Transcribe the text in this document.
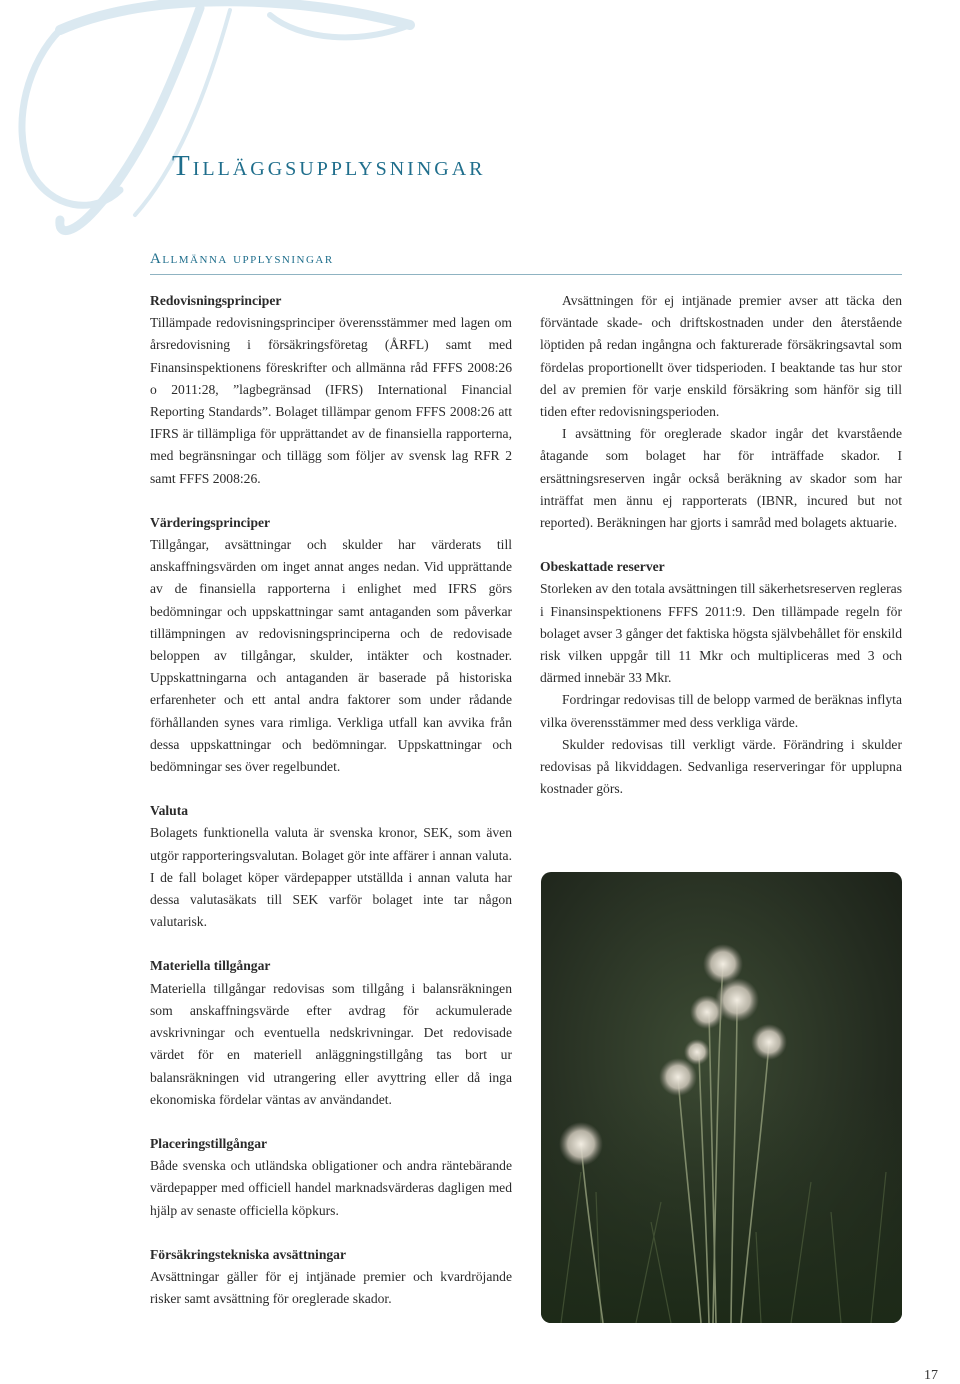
Tilläggsupplysningar
Allmänna upplysningar
Redovisningsprinciper

Tillämpade redovisningsprinciper överensstämmer med lagen om årsredovisning i försäkringsföretag (ÅRFL) samt med Finansinspektionens föreskrifter och allmänna råd FFFS 2008:26 o 2011:28, ”lagbegränsad (IFRS) International Financial Reporting Standards”. Bolaget tillämpar genom FFFS 2008:26 att IFRS är tillämpliga för upprättandet av de finansiella rapporterna, med begränsningar och tillägg som följer av svensk lag RFR 2 samt FFFS 2008:26.

Värderingsprinciper

Tillgångar, avsättningar och skulder har värderats till anskaffningsvärden om inget annat anges nedan. Vid upprättande av de finansiella rapporterna i enlighet med IFRS görs bedömningar och uppskattningar samt antaganden som påverkar tillämpningen av redovisningsprinciperna och de redovisade beloppen av tillgångar, skulder, intäkter och kostnader. Uppskattningarna och antaganden är baserade på historiska erfarenheter och ett antal andra faktorer som under rådande förhållanden synes vara rimliga. Verkliga utfall kan avvika från dessa uppskattningar och bedömningar. Uppskattningar och bedömningar ses över regelbundet.

Valuta

Bolagets funktionella valuta är svenska kronor, SEK, som även utgör rapporteringsvalutan. Bolaget gör inte affärer i annan valuta. I de fall bolaget köper värdepapper utställda i annan valuta har dessa valutasäkats till SEK varför bolaget inte tar någon valutarisk.

Materiella tillgångar

Materiella tillgångar redovisas som tillgång i balansräkningen som anskaffningsvärde efter avdrag för ackumulerade avskrivningar och eventuella nedskrivningar. Det redovisade värdet för en materiell anläggningstillgång tas bort ur balansräkningen vid utrangering eller avyttring eller då inga ekonomiska fördelar väntas av användandet.

Placeringstillgångar

Både svenska och utländska obligationer och andra räntebärande värdepapper med officiell handel marknadsvärderas dagligen med hjälp av senaste officiella köpkurs.

Försäkringstekniska avsättningar

Avsättningar gäller för ej intjänade premier och kvardröjande risker samt avsättning för oreglerade skador.

Avsättningen för ej intjänade premier avser att täcka den förväntade skade- och driftskostnaden under den återstående löptiden på redan ingångna och fakturerade försäkringsavtal som fördelas proportionellt över tidsperioden. I beaktande tas hur stor del av premien för varje enskild försäkring som hänför sig till tiden efter redovisningsperioden.

I avsättning för oreglerade skador ingår det kvarstående åtagande som bolaget har för inträffade skador. I ersättningsreserven ingår också beräkning av skador som har inträffat men ännu ej rapporterats (IBNR, incured but not reported). Beräkningen har gjorts i samråd med bolagets aktuarie.

Obeskattade reserver

Storleken av den totala avsättningen till säkerhetsreserven regleras i Finansinspektionens FFFS 2011:9. Den tillämpade regeln för bolaget avser 3 gånger det faktiska högsta självbehållet för enskild risk vilken uppgår till 11 Mkr och multipliceras med 3 och därmed innebär 33 Mkr.

Fordringar redovisas till de belopp varmed de beräknas inflyta vilka överensstämmer med dess verkliga värde.

Skulder redovisas till verkligt värde. Förändring i skulder redovisas på likviddagen. Sedvanliga reserveringar för upplupna kostnader görs.

17
